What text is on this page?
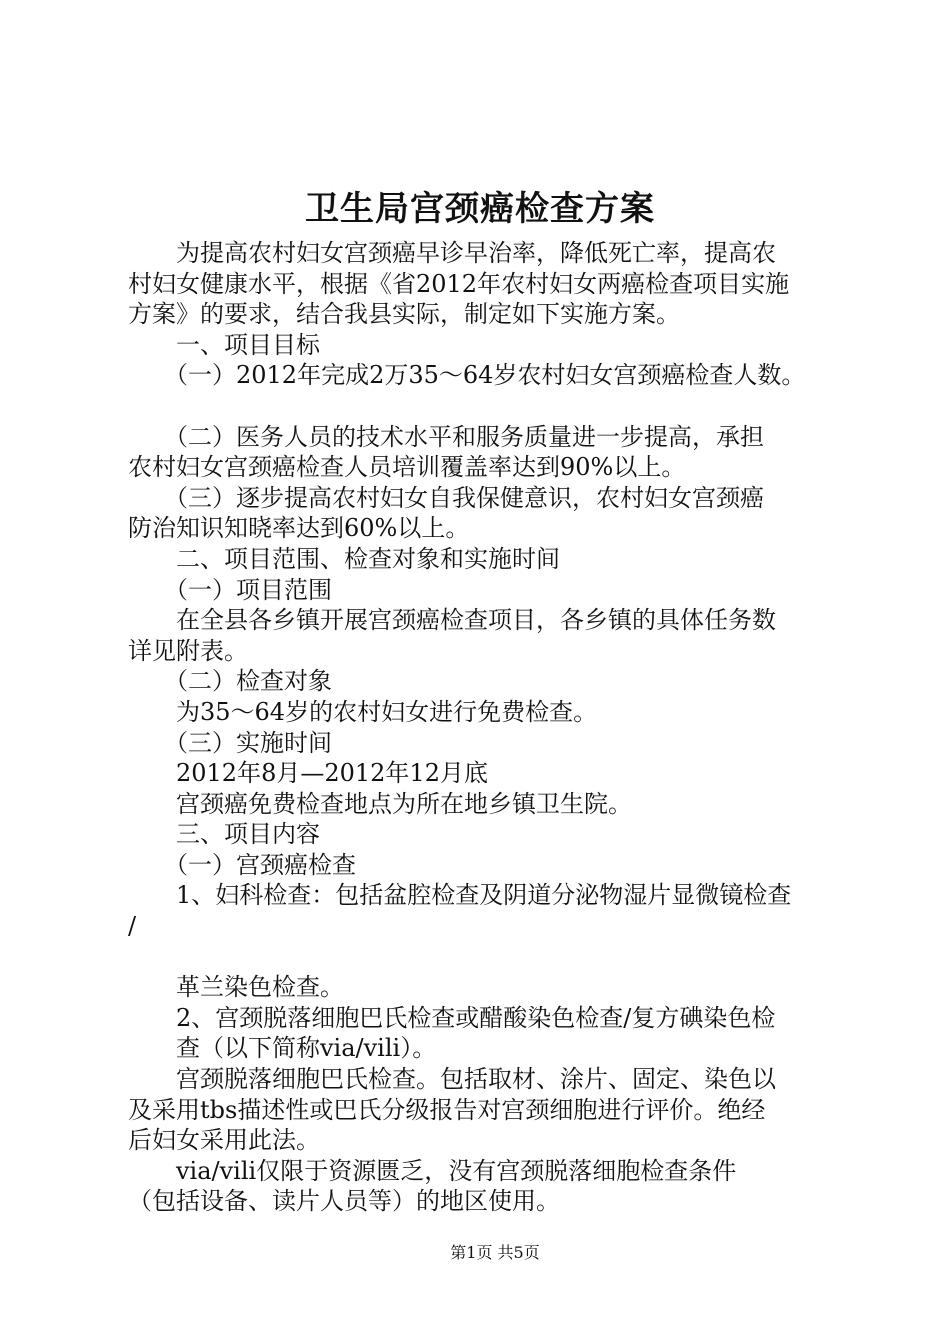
卫生局宫颈癌检查方案
　　为提高农村妇女宫颈癌早诊早治率，降低死亡率，提高农
村妇女健康水平，根据《省2012年农村妇女两癌检查项目实施
方案》的要求，结合我县实际，制定如下实施方案。
　　一、项目目标
　　（一）2012年完成2万35～64岁农村妇女宫颈癌检查人数。
　　（二）医务人员的技术水平和服务质量进一步提高，承担
农村妇女宫颈癌检查人员培训覆盖率达到90%以上。
　　（三）逐步提高农村妇女自我保健意识，农村妇女宫颈癌
防治知识知晓率达到60%以上。
　　二、项目范围、检查对象和实施时间
　　（一）项目范围
　　在全县各乡镇开展宫颈癌检查项目，各乡镇的具体任务数
详见附表。
　　（二）检查对象
　　为35～64岁的农村妇女进行免费检查。
　　（三）实施时间
　　2012年8月—2012年12月底
　　宫颈癌免费检查地点为所在地乡镇卫生院。
　　三、项目内容
　　（一）宫颈癌检查
　　1、妇科检查：包括盆腔检查及阴道分泌物湿片显微镜检查
/
　　革兰染色检查。
　　2、宫颈脱落细胞巴氏检查或醋酸染色检查/复方碘染色检
　　查（以下简称via/vili）。
　　宫颈脱落细胞巴氏检查。包括取材、涂片、固定、染色以
及采用tbs描述性或巴氏分级报告对宫颈细胞进行评价。绝经
后妇女采用此法。
　　via/vili仅限于资源匮乏，没有宫颈脱落细胞检查条件
（包括设备、读片人员等）的地区使用。
第1页 共5页
